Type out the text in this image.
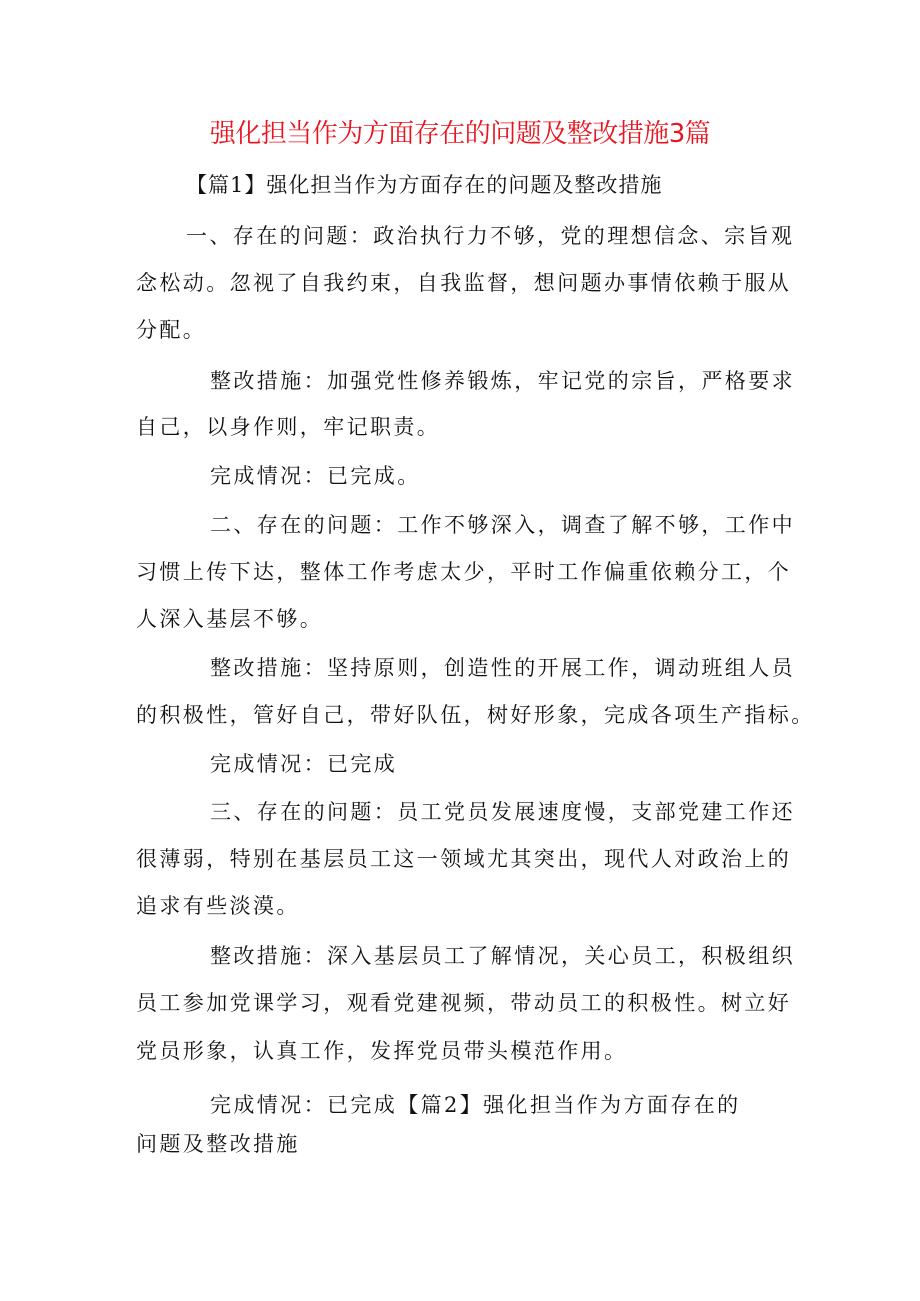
强化担当作为方面存在的问题及整改措施3篇
【篇1】强化担当作为方面存在的问题及整改措施
一、存在的问题：政治执行力不够，党的理想信念、宗旨观
念松动。忽视了自我约束，自我监督，想问题办事情依赖于服从
分配。
整改措施：加强党性修养锻炼，牢记党的宗旨，严格要求
自己，以身作则，牢记职责。
完成情况：已完成。
二、存在的问题：工作不够深入，调查了解不够，工作中
习惯上传下达，整体工作考虑太少，平时工作偏重依赖分工，个
人深入基层不够。
整改措施：坚持原则，创造性的开展工作，调动班组人员
的积极性，管好自己，带好队伍，树好形象，完成各项生产指标。
完成情况：已完成
三、存在的问题：员工党员发展速度慢，支部党建工作还
很薄弱，特别在基层员工这一领域尤其突出，现代人对政治上的
追求有些淡漠。
整改措施：深入基层员工了解情况，关心员工，积极组织
员工参加党课学习，观看党建视频，带动员工的积极性。树立好
党员形象，认真工作，发挥党员带头模范作用。
完成情况：已完成【篇2】强化担当作为方面存在的
问题及整改措施
